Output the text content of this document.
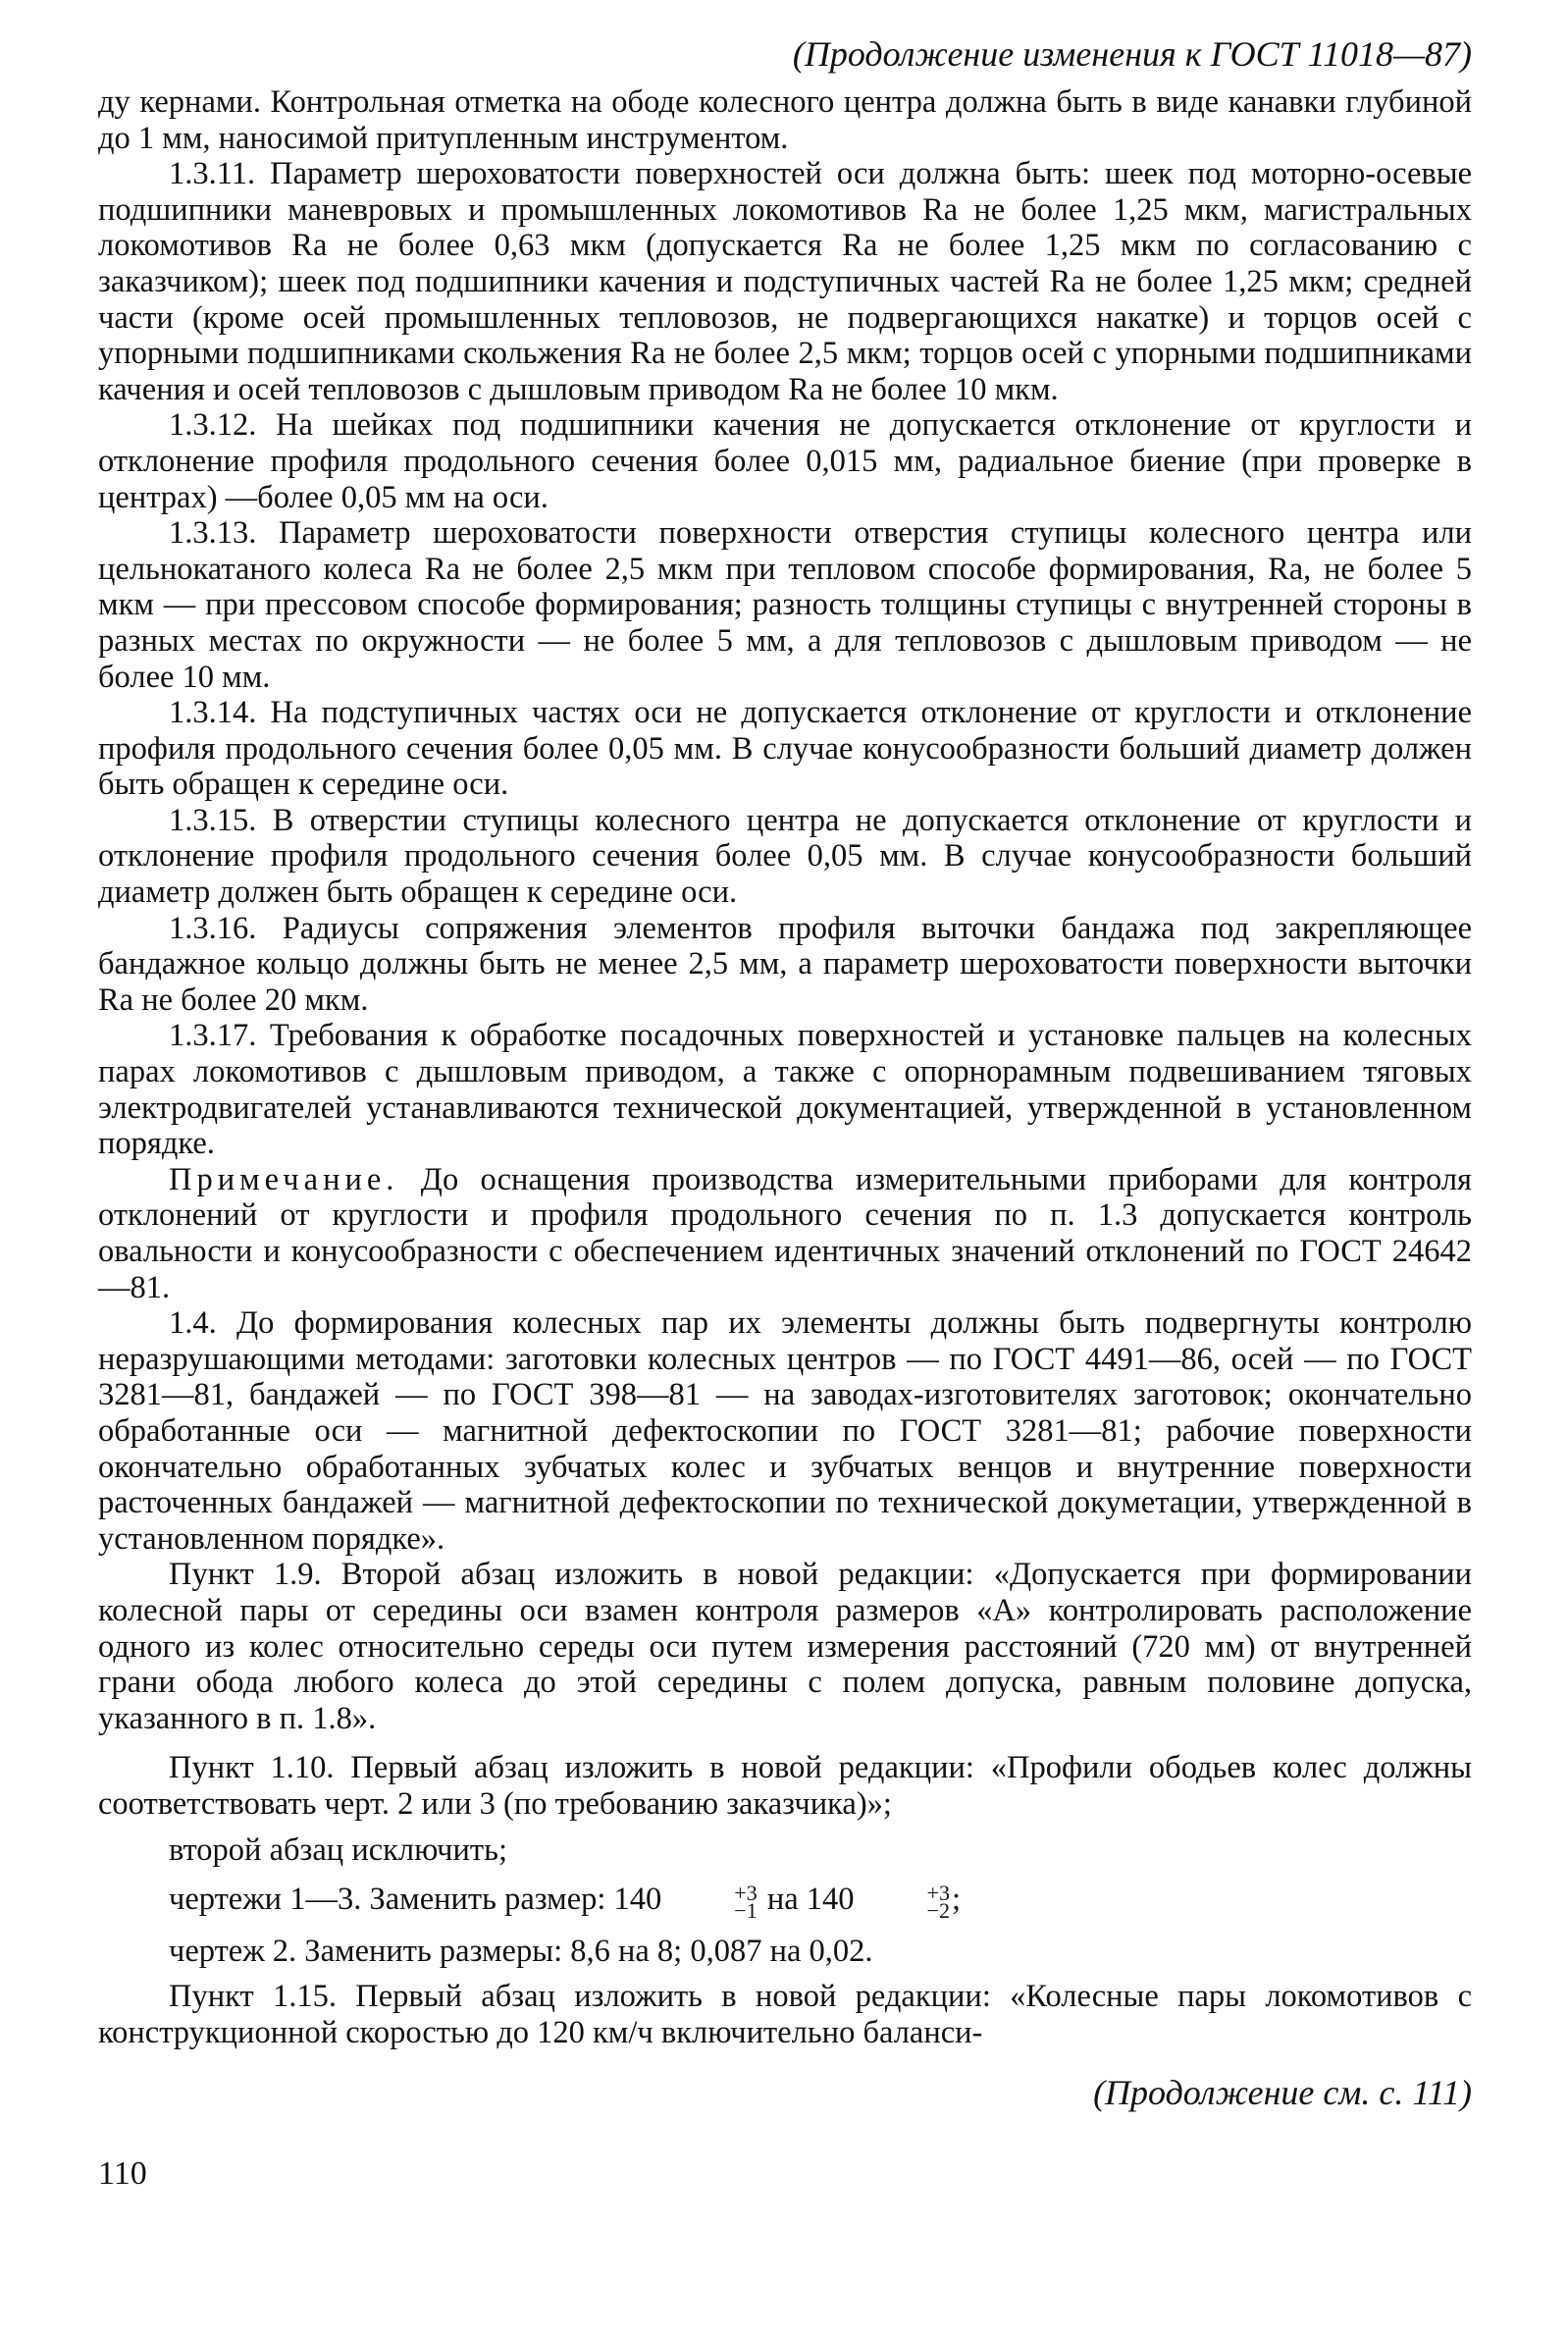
(Продолжение изменения к ГОСТ 11018—87)

ду кернами. Контрольная отметка на ободе колесного центра должна быть в виде канавки глубиной до 1 мм, наносимой притупленным инструментом.

1.3.11. Параметр шероховатости поверхностей оси должна быть: шеек под моторно-осевые подшипники маневровых и промышленных локомотивов Ra не более 1,25 мкм, магистральных локомотивов Ra не более 0,63 мкм (допускается Ra не более 1,25 мкм по согласованию с заказчиком); шеек под подшипники качения и подступичных частей Ra не более 1,25 мкм; средней части (кроме осей промышленных тепловозов, не подвергающихся накатке) и торцов осей с упорными подшипниками скольжения Ra не более 2,5 мкм; торцов осей с упорными подшипниками качения и осей тепловозов с дышловым приводом Ra не более 10 мкм.

1.3.12. На шейках под подшипники качения не допускается отклонение от круглости и отклонение профиля продольного сечения более 0,015 мм, радиальное биение (при проверке в центрах) —более 0,05 мм на оси.

1.3.13. Параметр шероховатости поверхности отверстия ступицы колесного центра или цельнокатаного колеса Ra не более 2,5 мкм при тепловом способе формирования, Ra, не более 5 мкм — при прессовом способе формирования; разность толщины ступицы с внутренней стороны в разных местах по окружности — не более 5 мм, а для тепловозов с дышловым приводом — не более 10 мм.

1.3.14. На подступичных частях оси не допускается отклонение от круглости и отклонение профиля продольного сечения более 0,05 мм. В случае конусообразности больший диаметр должен быть обращен к середине оси.

1.3.15. В отверстии ступицы колесного центра не допускается отклонение от круглости и отклонение профиля продольного сечения более 0,05 мм. В случае конусообразности больший диаметр должен быть обращен к середине оси.

1.3.16. Радиусы сопряжения элементов профиля выточки бандажа под закрепляющее бандажное кольцо должны быть не менее 2,5 мм, а параметр шероховатости поверхности выточки Ra не более 20 мкм.

1.3.17. Требования к обработке посадочных поверхностей и установке пальцев на колесных парах локомотивов с дышловым приводом, а также с опорнорамным подвешиванием тяговых электродвигателей устанавливаются техничеcкой документацией, утвержденной в установленном порядке.

Примечание. До оснащения производства измерительными приборами для контроля отклонений от круглости и профиля продольного сечения по п. 1.3 допускается контроль овальности и конусообразности с обеспечением идентичных значений отклонений по ГОСТ 24642—81.

1.4. До формирования колесных пар их элементы должны быть подвергнуты контролю неразрушающими методами: заготовки колесных центров — по ГОСТ 4491—86, осей — по ГОСТ 3281—81, бандажей — по ГОСТ 398—81 — на заводах-изготовителях заготовок; окончательно обработанные оси — магнитной дефектоскопии по ГОСТ 3281—81; рабочие поверхности окончательно обработанных зубчатых колес и зубчатых венцов и внутренние поверхности расточенных бандажей — магнитной дефектоскопии по технической докуметации, утвержденной в установленном порядке».

Пункт 1.9. Второй абзац изложить в новой редакции: «Допускается при формировании колесной пары от середины оси взамен контроля размеров «А» контролировать расположение одного из колес относительно середы оси путем измерения расстояний (720 мм) от внутренней грани обода любого колеса до этой середины с полем допуска, равным половине допуска, указанного в п. 1.8».

Пункт 1.10. Первый абзац изложить в новой редакции: «Профили ободьев колес должны соответствовать черт. 2 или 3 (по требованию заказчика)»;

второй абзац исключить;

чертежи 1—3. Заменить размер: 140	+3
−1 на 140	+3
−2 ;

чертеж 2. Заменить размеры: 8,6 на 8; 0,087 на 0,02.

Пункт 1.15. Первый абзац изложить в новой редакции: «Колесные пары локомотивов с конструкционной скоростью до 120 км/ч включительно баланси-

(Продолжение см. с. 111)
110
